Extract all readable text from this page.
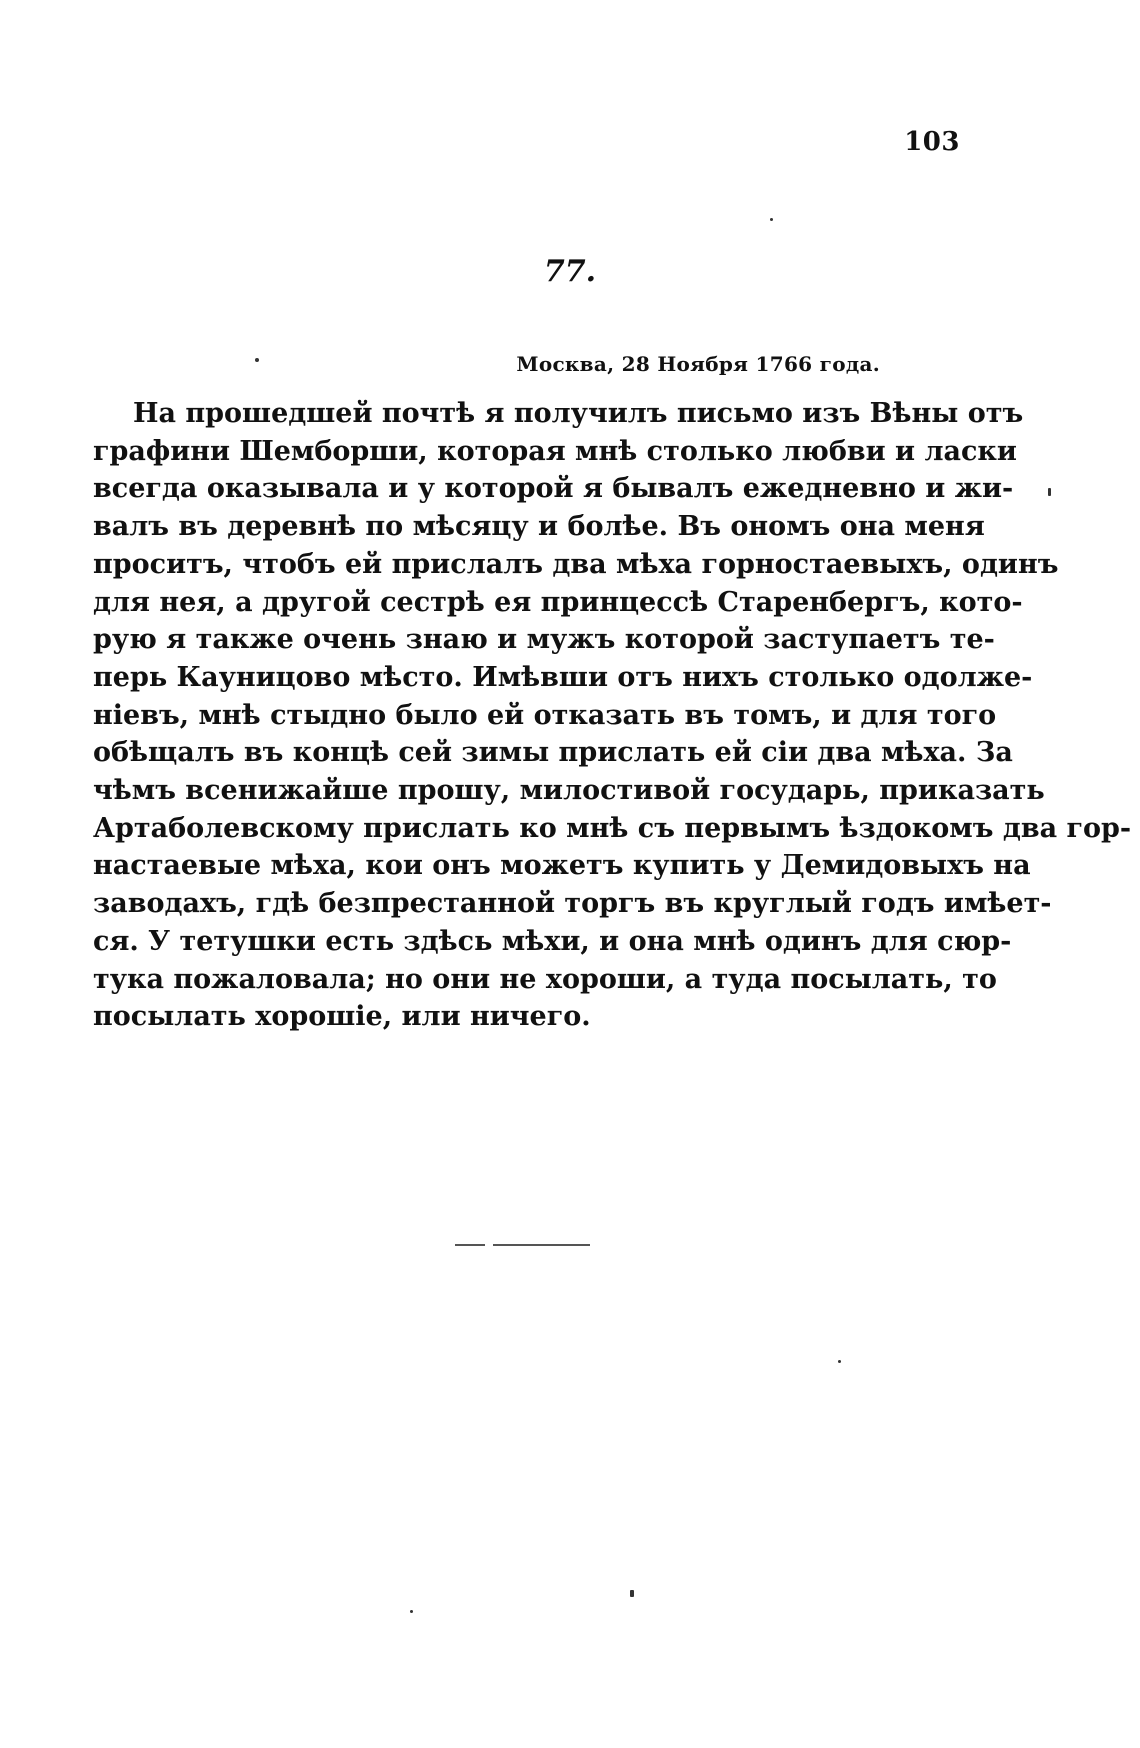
103
77.
Москва, 28 Ноября 1766 года.
На прошедшей почтѣ я получилъ письмо изъ Вѣны отъ
графини Шемборши, которая мнѣ столько любви и ласки
всегда оказывала и у которой я бывалъ ежедневно и жи-
валъ въ деревнѣ по мѣсяцу и болѣе. Въ ономъ она меня
проситъ, чтобъ ей прислалъ два мѣха горностаевыхъ, одинъ
для нея, а другой сестрѣ ея принцессѣ Старенбергъ, кото-
рую я также очень знаю и мужъ которой заступаетъ те-
перь Кауницово мѣсто. Имѣвши отъ нихъ столько одолже-
ніевъ, мнѣ стыдно было ей отказать въ томъ, и для того
обѣщалъ въ концѣ сей зимы прислать ей сіи два мѣха. За
чѣмъ всенижайше прошу, милостивой государь, приказать
Артаболевскому прислать ко мнѣ съ первымъ ѣздокомъ два гор-
настаевые мѣха, кои онъ можетъ купить у Демидовыхъ на
заводахъ, гдѣ безпрестанной торгъ въ круглый годъ имѣет-
ся. У тетушки есть здѣсь мѣхи, и она мнѣ одинъ для сюр-
тука пожаловала; но они не хороши, а туда посылать, то
посылать хорошіе, или ничего.
